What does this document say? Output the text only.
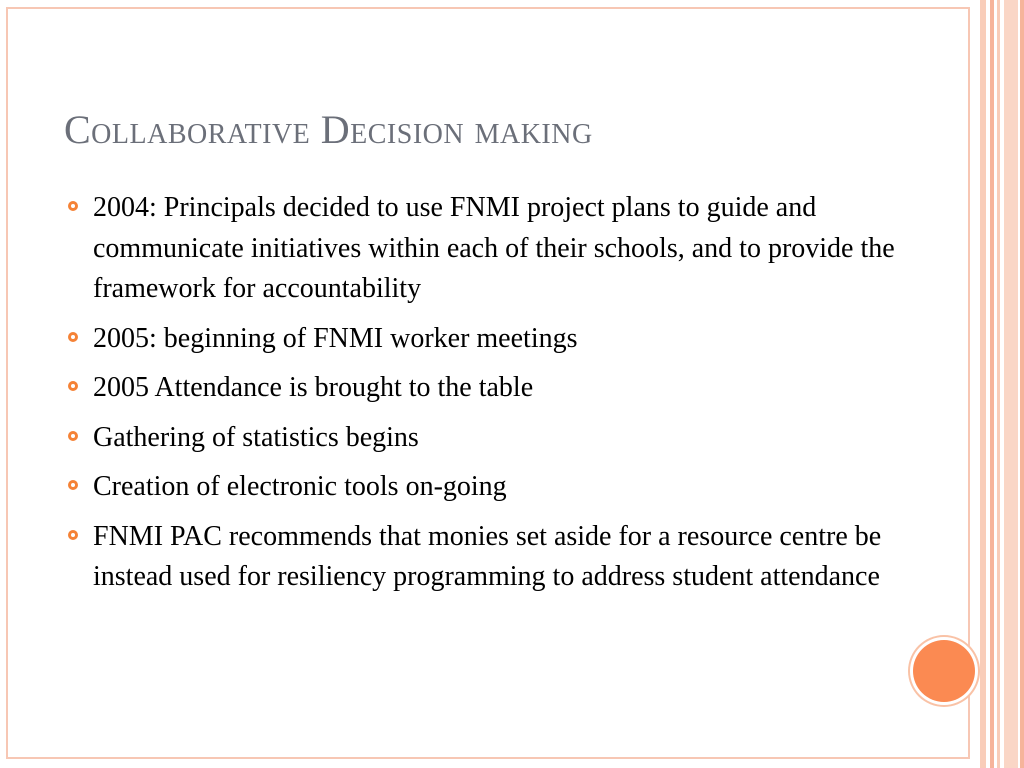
Collaborative Decision making
2004: Principals decided to use FNMI project plans to guide and communicate initiatives within each of their schools, and to provide the framework for accountability
2005: beginning of FNMI worker meetings
2005 Attendance is brought to the table
Gathering of statistics begins
Creation of electronic tools on-going
FNMI PAC recommends that monies set aside for a resource centre be instead used for resiliency programming to address student attendance
